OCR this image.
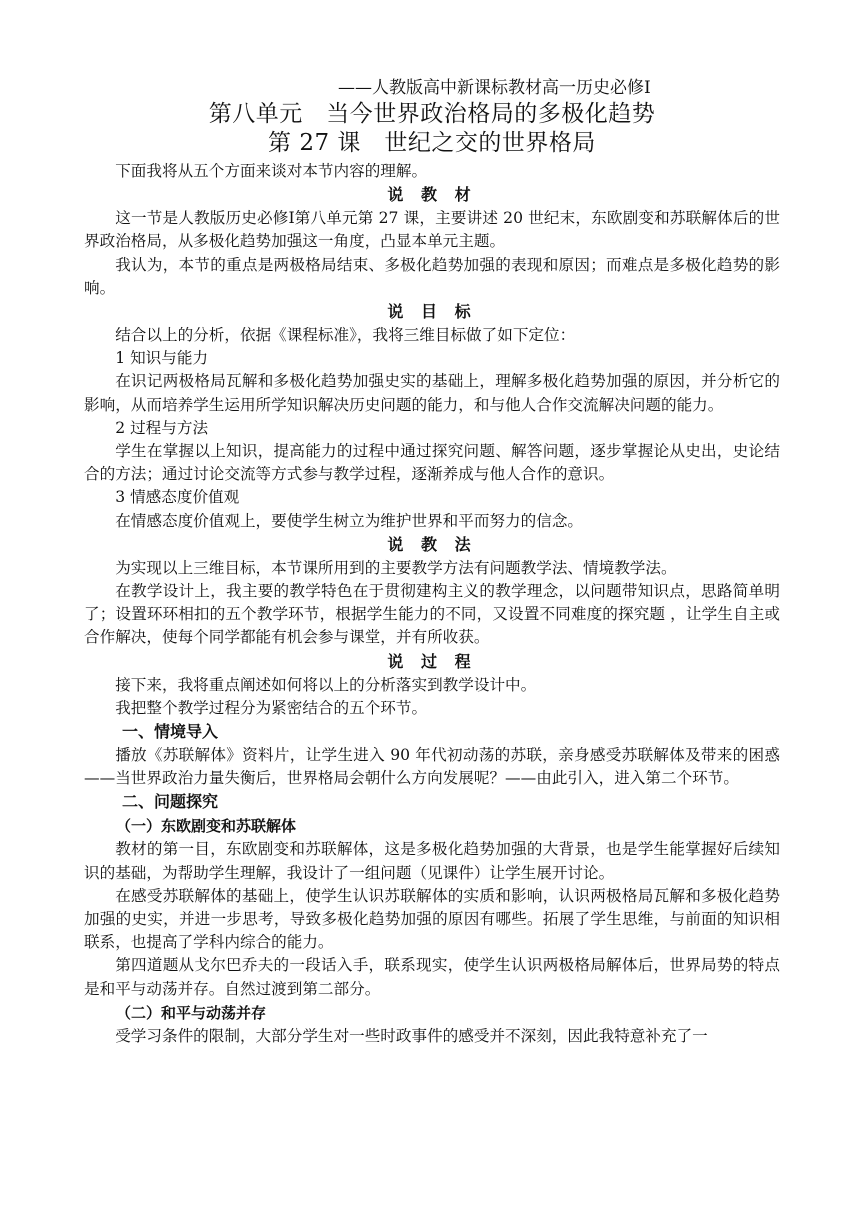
——人教版高中新课标教材高一历史必修Ⅰ
第八单元　当今世界政治格局的多极化趋势
第 27 课　世纪之交的世界格局

下面我将从五个方面来谈对本节内容的理解。

说 教 材

这一节是人教版历史必修Ⅰ第八单元第 27 课，主要讲述 20 世纪末，东欧剧变和苏联解体后的世界政治格局，从多极化趋势加强这一角度，凸显本单元主题。

我认为，本节的重点是两极格局结束、多极化趋势加强的表现和原因；而难点是多极化趋势的影响。

说 目 标

结合以上的分析，依据《课程标准》，我将三维目标做了如下定位：

1 知识与能力

在识记两极格局瓦解和多极化趋势加强史实的基础上，理解多极化趋势加强的原因，并分析它的影响，从而培养学生运用所学知识解决历史问题的能力，和与他人合作交流解决问题的能力。

2 过程与方法

学生在掌握以上知识，提高能力的过程中通过探究问题、解答问题，逐步掌握论从史出，史论结合的方法；通过讨论交流等方式参与教学过程，逐渐养成与他人合作的意识。

3 情感态度价值观

在情感态度价值观上，要使学生树立为维护世界和平而努力的信念。

说 教 法

为实现以上三维目标，本节课所用到的主要教学方法有问题教学法、情境教学法。

在教学设计上，我主要的教学特色在于贯彻建构主义的教学理念，以问题带知识点，思路简单明了；设置环环相扣的五个教学环节，根据学生能力的不同，又设置不同难度的探究题 ，让学生自主或合作解决，使每个同学都能有机会参与课堂，并有所收获。

说 过 程

接下来，我将重点阐述如何将以上的分析落实到教学设计中。

我把整个教学过程分为紧密结合的五个环节。

一、情境导入

播放《苏联解体》资料片，让学生进入 90 年代初动荡的苏联，亲身感受苏联解体及带来的困惑——当世界政治力量失衡后，世界格局会朝什么方向发展呢？——由此引入，进入第二个环节。

二、问题探究
（一）东欧剧变和苏联解体

教材的第一目，东欧剧变和苏联解体，这是多极化趋势加强的大背景，也是学生能掌握好后续知识的基础，为帮助学生理解，我设计了一组问题（见课件）让学生展开讨论。

在感受苏联解体的基础上，使学生认识苏联解体的实质和影响，认识两极格局瓦解和多极化趋势加强的史实，并进一步思考，导致多极化趋势加强的原因有哪些。拓展了学生思维，与前面的知识相联系，也提高了学科内综合的能力。

第四道题从戈尔巴乔夫的一段话入手，联系现实，使学生认识两极格局解体后，世界局势的特点是和平与动荡并存。自然过渡到第二部分。

（二）和平与动荡并存

受学习条件的限制，大部分学生对一些时政事件的感受并不深刻，因此我特意补充了一
